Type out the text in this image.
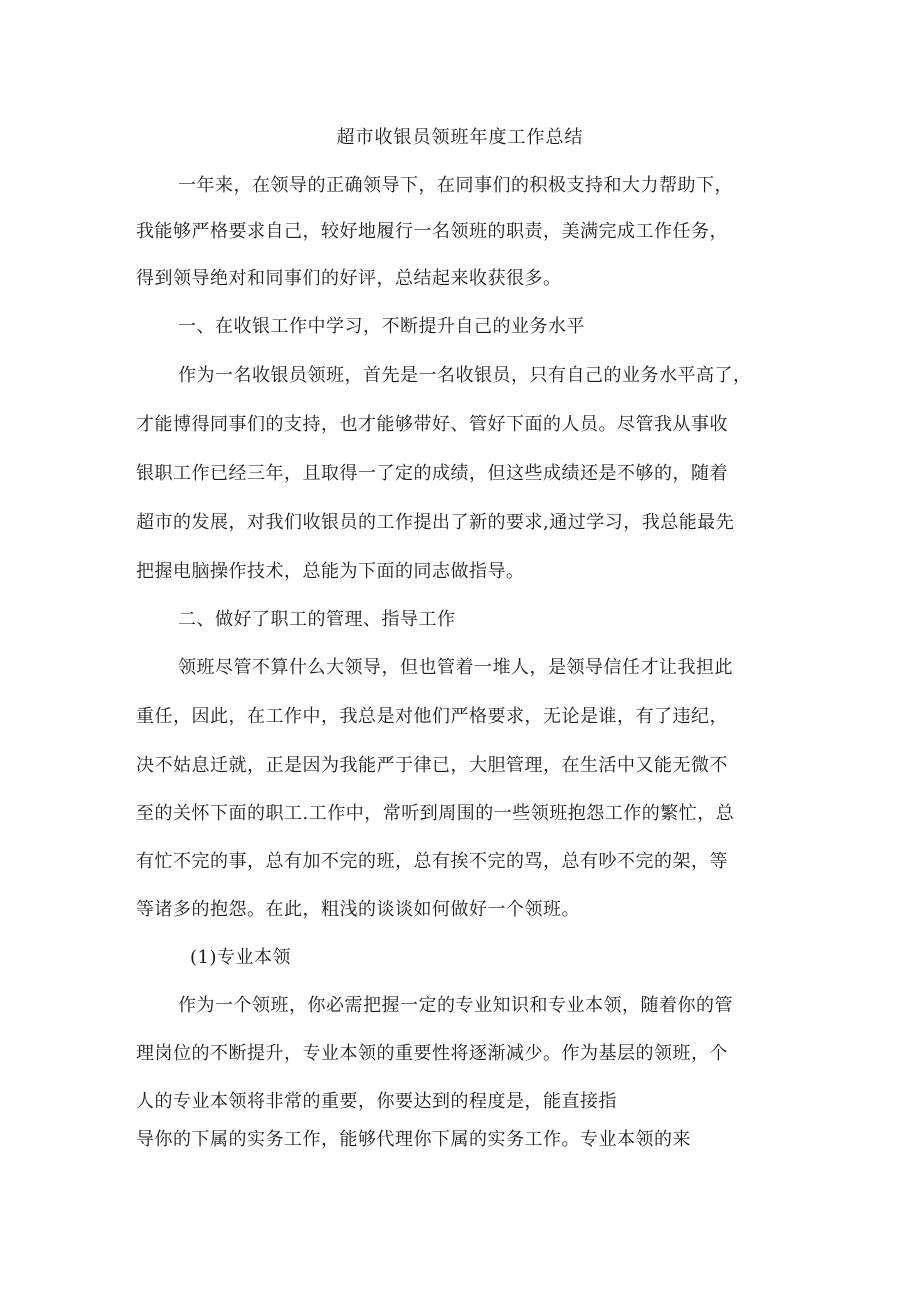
超市收银员领班年度工作总结
一年来，在领导的正确领导下，在同事们的积极支持和大力帮助下，
我能够严格要求自己，较好地履行一名领班的职责，美满完成工作任务，
得到领导绝对和同事们的好评，总结起来收获很多。
一、在收银工作中学习，不断提升自己的业务水平
作为一名收银员领班，首先是一名收银员，只有自己的业务水平高了，
才能博得同事们的支持，也才能够带好、管好下面的人员。尽管我从事收
银职工作已经三年，且取得一了定的成绩，但这些成绩还是不够的，随着
超市的发展，对我们收银员的工作提出了新的要求,通过学习，我总能最先
把握电脑操作技术，总能为下面的同志做指导。
二、做好了职工的管理、指导工作
领班尽管不算什么大领导，但也管着一堆人，是领导信任才让我担此
重任，因此，在工作中，我总是对他们严格要求，无论是谁，有了违纪，
决不姑息迁就，正是因为我能严于律已，大胆管理，在生活中又能无微不
至的关怀下面的职工.工作中，常听到周围的一些领班抱怨工作的繁忙，总
有忙不完的事，总有加不完的班，总有挨不完的骂，总有吵不完的架，等
等诸多的抱怨。在此，粗浅的谈谈如何做好一个领班。
(1)专业本领
作为一个领班，你必需把握一定的专业知识和专业本领，随着你的管
理岗位的不断提升，专业本领的重要性将逐渐减少。作为基层的领班，个
人的专业本领将非常的重要，你要达到的程度是，能直接指
导你的下属的实务工作，能够代理你下属的实务工作。专业本领的来
